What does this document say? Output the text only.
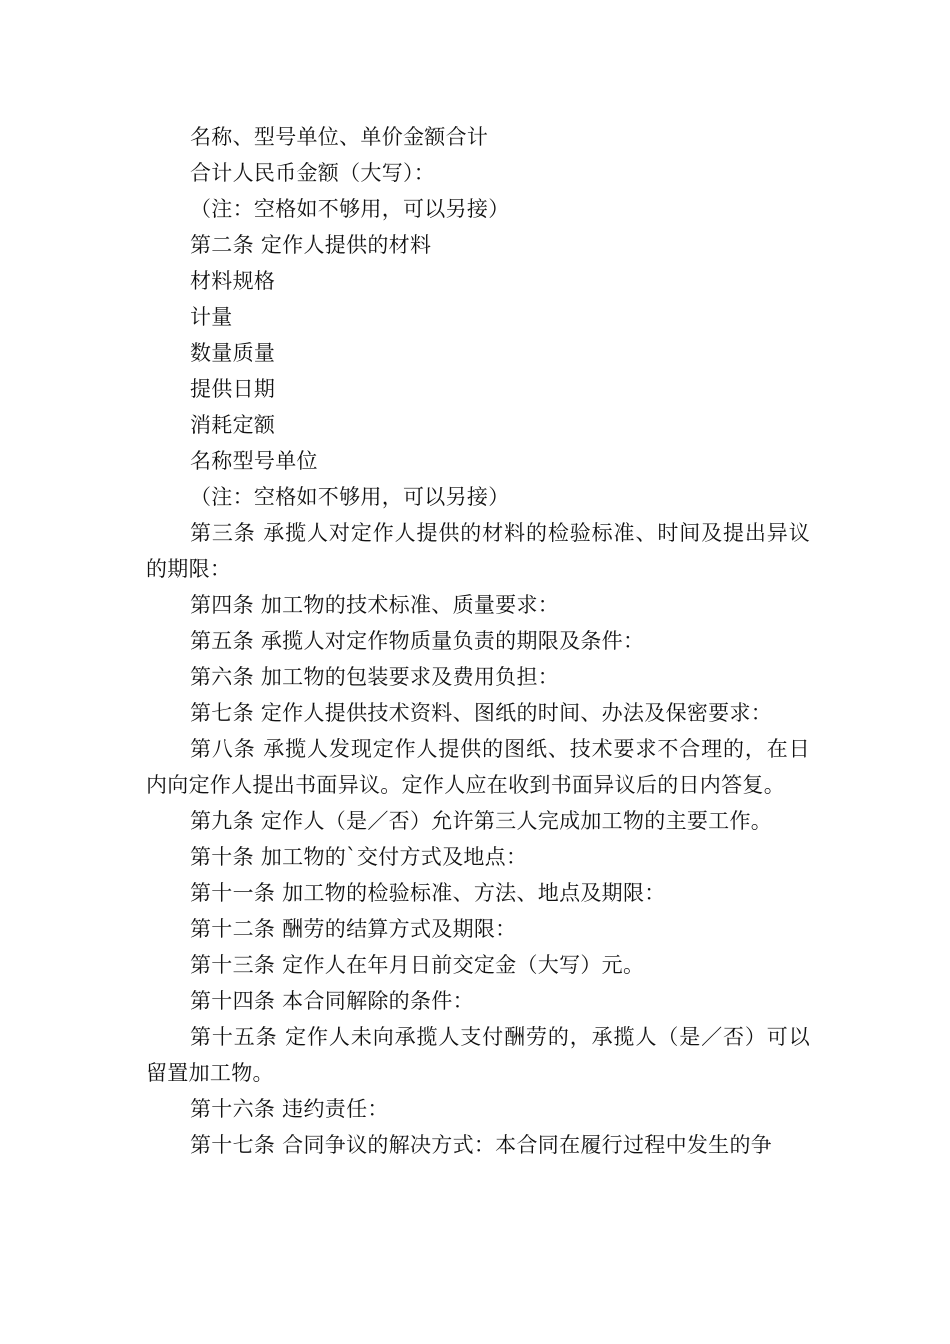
名称、型号单位、单价金额合计

合计人民币金额（大写）：

（注：空格如不够用，可以另接）

第二条 定作人提供的材料

材料规格

计量

数量质量

提供日期

消耗定额

名称型号单位

（注：空格如不够用，可以另接）

第三条 承揽人对定作人提供的材料的检验标准、时间及提出异议的期限：

第四条 加工物的技术标准、质量要求：

第五条 承揽人对定作物质量负责的期限及条件：

第六条 加工物的包装要求及费用负担：

第七条 定作人提供技术资料、图纸的时间、办法及保密要求：

第八条 承揽人发现定作人提供的图纸、技术要求不合理的，在日内向定作人提出书面异议。定作人应在收到书面异议后的日内答复。

第九条 定作人（是／否）允许第三人完成加工物的主要工作。

第十条 加工物的`交付方式及地点：

第十一条 加工物的检验标准、方法、地点及期限：

第十二条 酬劳的结算方式及期限：

第十三条 定作人在年月日前交定金（大写）元。

第十四条 本合同解除的条件：

第十五条 定作人未向承揽人支付酬劳的，承揽人（是／否）可以留置加工物。

第十六条 违约责任：

第十七条 合同争议的解决方式：本合同在履行过程中发生的争
